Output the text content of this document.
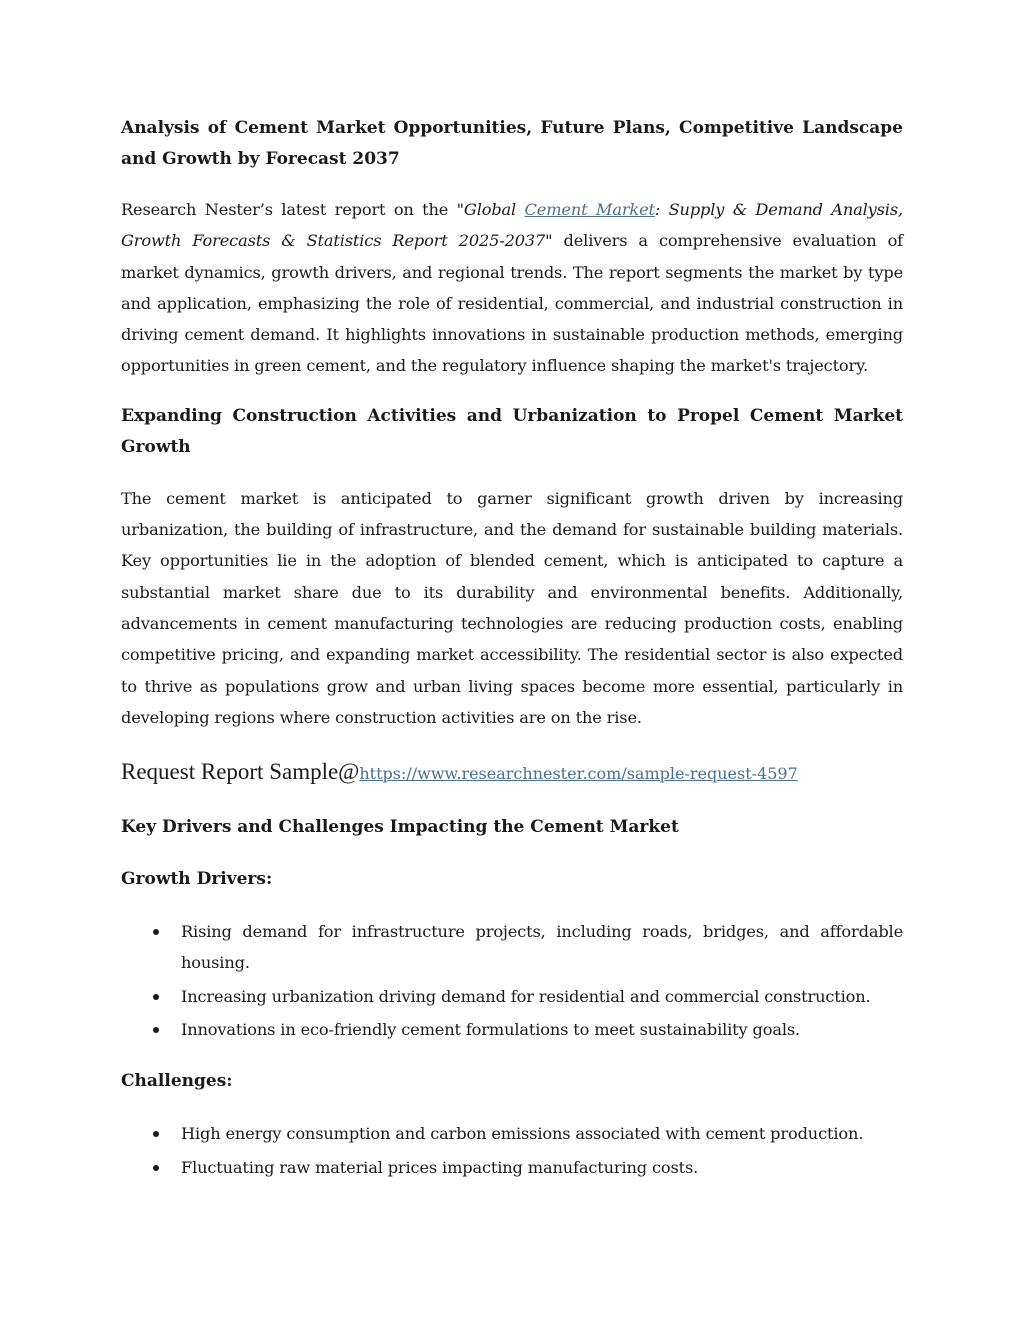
Analysis of Cement Market Opportunities, Future Plans, Competitive Landscape and Growth by Forecast 2037

Research Nester’s latest report on the "Global Cement Market: Supply & Demand Analysis, Growth Forecasts & Statistics Report 2025-2037" delivers a comprehensive evaluation of market dynamics, growth drivers, and regional trends. The report segments the market by type and application, emphasizing the role of residential, commercial, and industrial construction in driving cement demand. It highlights innovations in sustainable production methods, emerging opportunities in green cement, and the regulatory influence shaping the market's trajectory.

Expanding Construction Activities and Urbanization to Propel Cement Market Growth

The cement market is anticipated to garner significant growth driven by increasing urbanization, the building of infrastructure, and the demand for sustainable building materials. Key opportunities lie in the adoption of blended cement, which is anticipated to capture a substantial market share due to its durability and environmental benefits. Additionally, advancements in cement manufacturing technologies are reducing production costs, enabling competitive pricing, and expanding market accessibility. The residential sector is also expected to thrive as populations grow and urban living spaces become more essential, particularly in developing regions where construction activities are on the rise.

Request Report Sample@https://www.researchnester.com/sample-request-4597

Key Drivers and Challenges Impacting the Cement Market
Growth Drivers:
Rising demand for infrastructure projects, including roads, bridges, and affordable housing.
Increasing urbanization driving demand for residential and commercial construction.
Innovations in eco-friendly cement formulations to meet sustainability goals.
Challenges:
High energy consumption and carbon emissions associated with cement production.
Fluctuating raw material prices impacting manufacturing costs.
